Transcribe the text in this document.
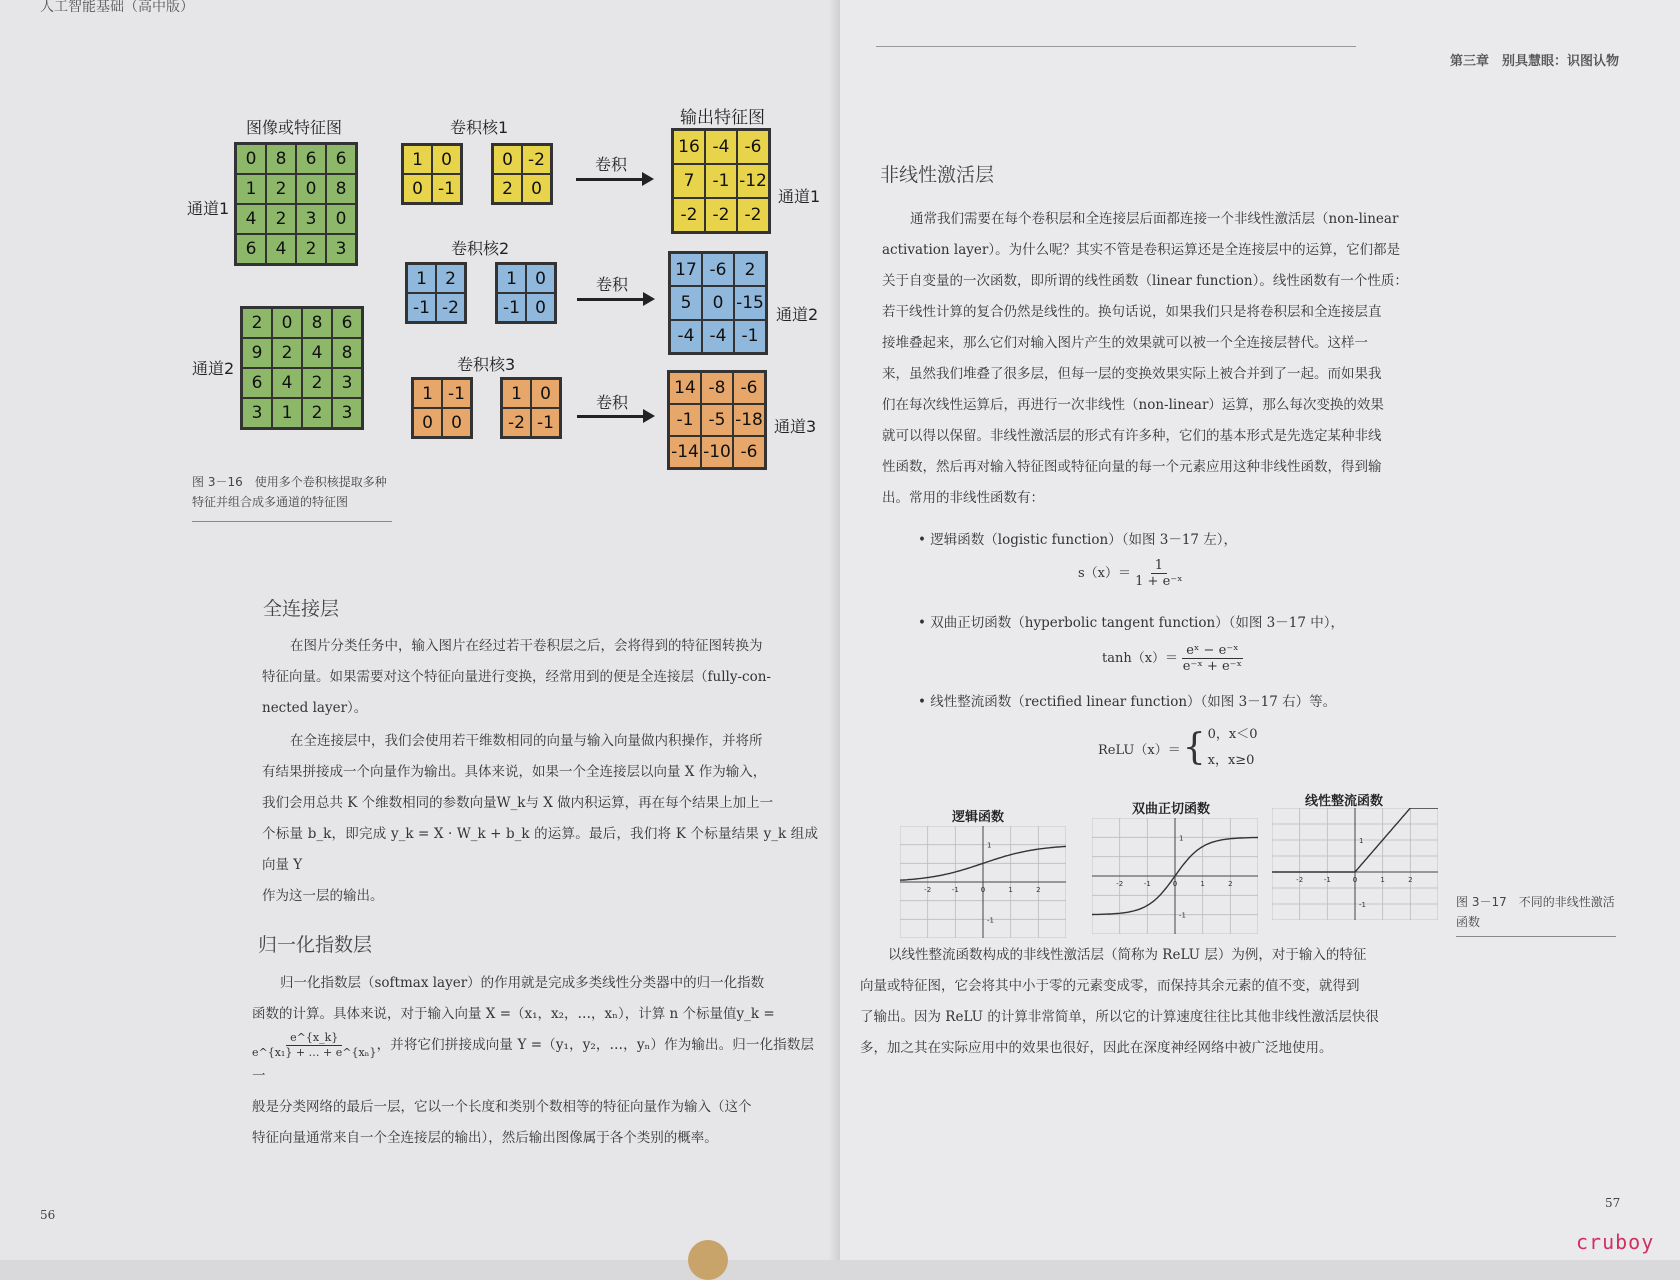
人工智能基础（高中版）
图像或特征图
通道1
通道2
0	8	6	6
1	2	0	8
4	2	3	0
6	4	2	3
2	0	8	6
9	2	4	8
6	4	2	3
3	1	2	3
卷积核1
1	0
0 -1
0 -2
2	0
卷积核2
1	2
-1 -2
1	0
-1 0
卷积核3
1 -1
0	0
1	0
-2 -1
卷积
卷积
卷积
输出特征图
16 -4 -6
7	-1 -12
-2 -2 -2
17 -6	2
5	0 -15
-4 -4 -1
14 -8 -6
-1 -5 -18
-14 -10 -6
通道1
通道2
通道3
图 3－16　使用多个卷积核提取多种
特征并组合成多通道的特征图
全连接层
在图片分类任务中，输入图片在经过若干卷积层之后，会将得到的特征图转换为
特征向量。如果需要对这个特征向量进行变换，经常用到的便是全连接层（fully-con-
nected layer）。
在全连接层中，我们会使用若干维数相同的向量与输入向量做内积操作，并将所
有结果拼接成一个向量作为输出。具体来说，如果一个全连接层以向量 X 作为输入，
我们会用总共 K 个维数相同的参数向量W_k与 X 做内积运算，再在每个结果上加上一
个标量 b_k，即完成 y_k = X · W_k + b_k 的运算。最后，我们将 K 个标量结果 y_k 组成向量 Y
作为这一层的输出。
归一化指数层
归一化指数层（softmax layer）的作用就是完成多类线性分类器中的归一化指数
函数的计算。具体来说，对于输入向量 X =（x₁，x₂，…，xₙ），计算 n 个标量值y_k =
$\frac{e\^{}\{x\_k\}}{\text{e\textasciicircum{}\{x₁\} + … + e\textasciicircum{}\{xₙ\}}}$ ，并将它们拼接成向量 Y =（y₁，y₂，…，yₙ）作为输出。归一化指数层一
般是分类网络的最后一层，它以一个长度和类别个数相等的特征向量作为输入（这个
特征向量通常来自一个全连接层的输出），然后输出图像属于各个类别的概率。
56
第三章　别具慧眼：识图认物
非线性激活层
通常我们需要在每个卷积层和全连接层后面都连接一个非线性激活层（non-linear
activation layer）。为什么呢？其实不管是卷积运算还是全连接层中的运算，它们都是
关于自变量的一次函数，即所谓的线性函数（linear function）。线性函数有一个性质：
若干线性计算的复合仍然是线性的。换句话说，如果我们只是将卷积层和全连接层直
接堆叠起来，那么它们对输入图片产生的效果就可以被一个全连接层替代。这样一
来，虽然我们堆叠了很多层，但每一层的变换效果实际上被合并到了一起。而如果我
们在每次线性运算后，再进行一次非线性（non-linear）运算，那么每次变换的效果
就可以得以保留。非线性激活层的形式有许多种，它们的基本形式是先选定某种非线
性函数，然后再对输入特征图或特征向量的每一个元素应用这种非线性函数，得到输
出。常用的非线性函数有：
• 逻辑函数（logistic function）（如图 3－17 左），
$s(x)= \frac{1}{\text{1 + e⁻ˣ}}$
• 双曲正切函数（hyperbolic tangent function）（如图 3－17 中），
$\tanh(x)= \frac{\text{eˣ − e⁻ˣ}}{\text{e⁻ˣ + e⁻ˣ}}$
• 线性整流函数（rectified linear function）（如图 3－17 右）等。
ReLU（x）＝ { 0，x＜0
x，x≥0
逻辑函数
双曲正切函数
线性整流函数
-2	-1	0	1	2
1
-1
-2	-1	0	1	2
1
-1
-2	-1	0	1	2
1
-1	图 3－17　不同的非线性激活
函数
以线性整流函数构成的非线性激活层（简称为 ReLU 层）为例，对于输入的特征
向量或特征图，它会将其中小于零的元素变成零，而保持其余元素的值不变，就得到
了输出。因为 ReLU 的计算非常简单，所以它的计算速度往往比其他非线性激活层快很
多，加之其在实际应用中的效果也很好，因此在深度神经网络中被广泛地使用。
57
cruboy
